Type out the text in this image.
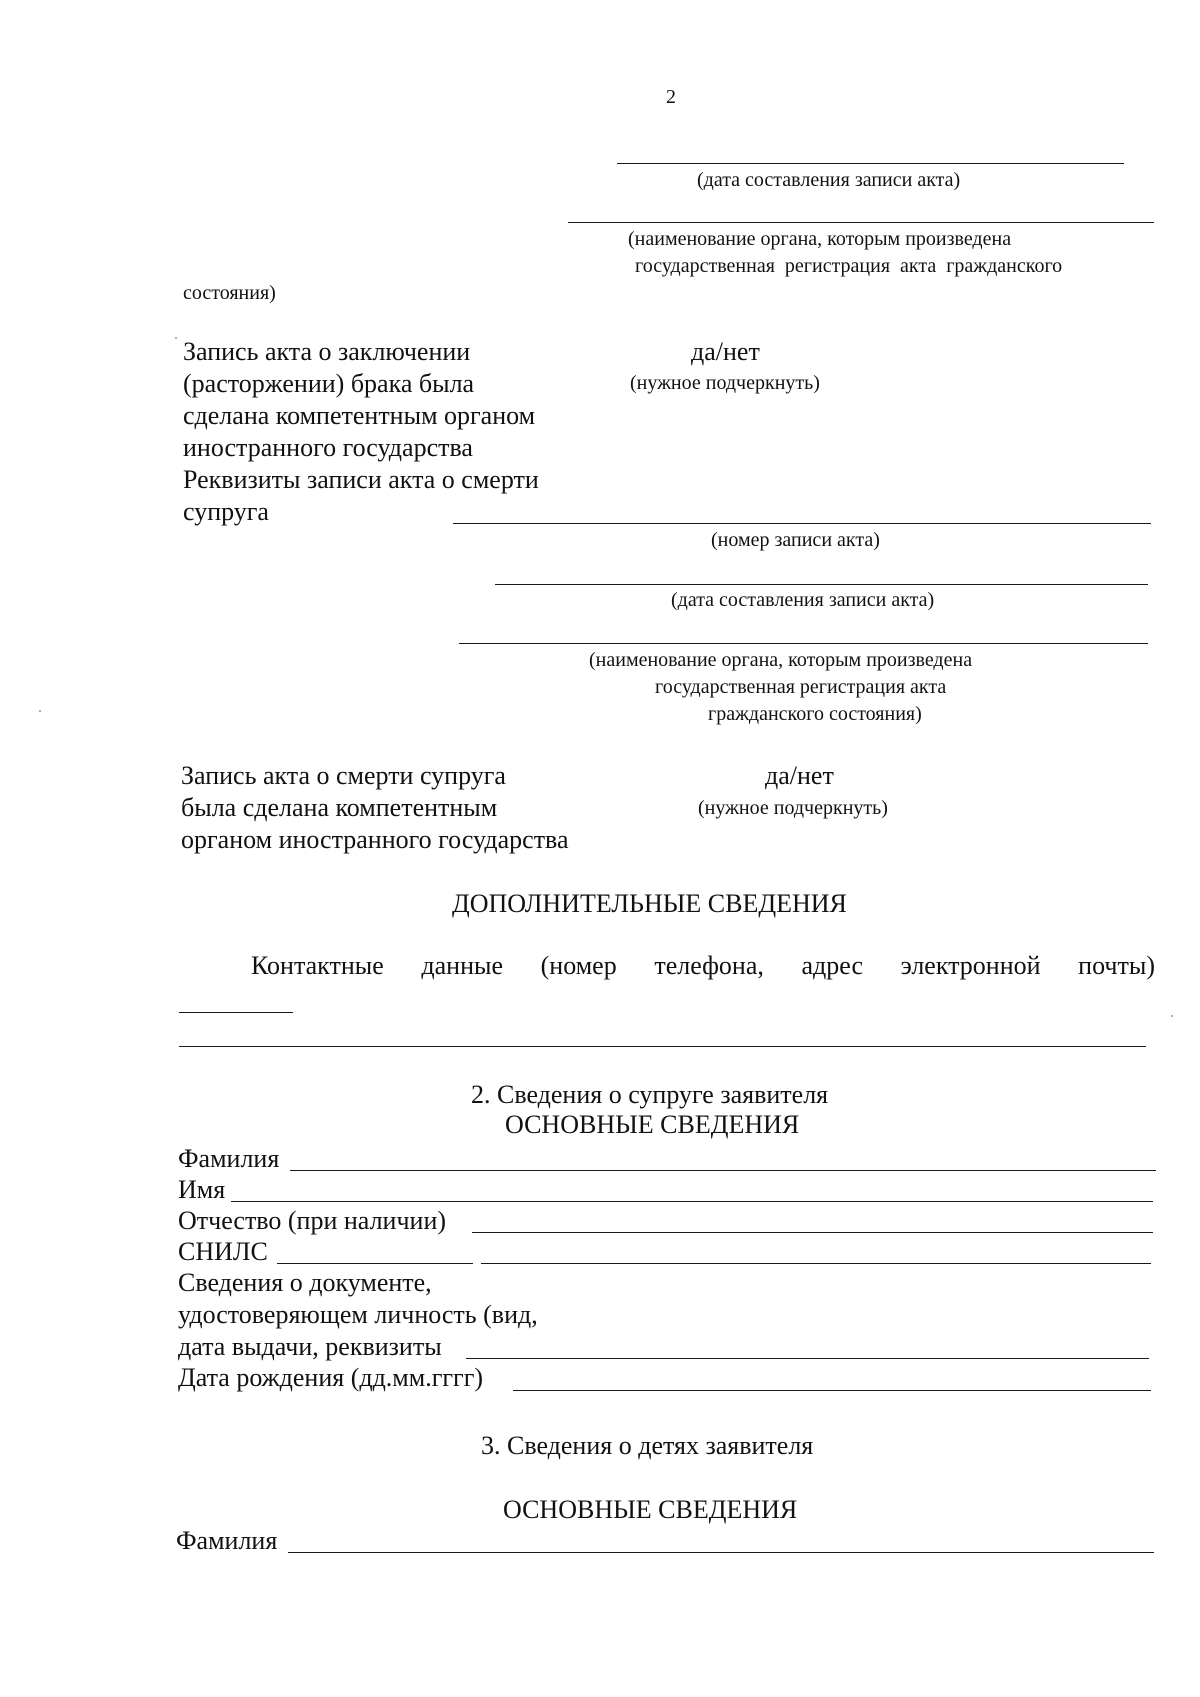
2
(дата составления записи акта)
(наименование органа, которым произведена
государственная  регистрация  акта  гражданского
состояния)
Запись акта о заключении
(расторжении) брака была
сделана компетентным органом
иностранного государства
да/нет
(нужное подчеркнуть)
Реквизиты записи акта о смерти
супруга
(номер записи акта)
(дата составления записи акта)
(наименование органа, которым произведена
государственная регистрация акта
гражданского состояния)
Запись акта о смерти супруга
была сделана компетентным
органом иностранного государства
да/нет
(нужное подчеркнуть)
ДОПОЛНИТЕЛЬНЫЕ СВЕДЕНИЯ
Контактные данные (номер телефона, адрес электронной почты)
2. Сведения о супруге заявителя
ОСНОВНЫЕ СВЕДЕНИЯ
Фамилия
Имя
Отчество (при наличии)
СНИЛС
Сведения о документе,
удостоверяющем личность (вид,
дата выдачи, реквизиты
Дата рождения (дд.мм.гггг)
3. Сведения о детях заявителя
ОСНОВНЫЕ СВЕДЕНИЯ
Фамилия
